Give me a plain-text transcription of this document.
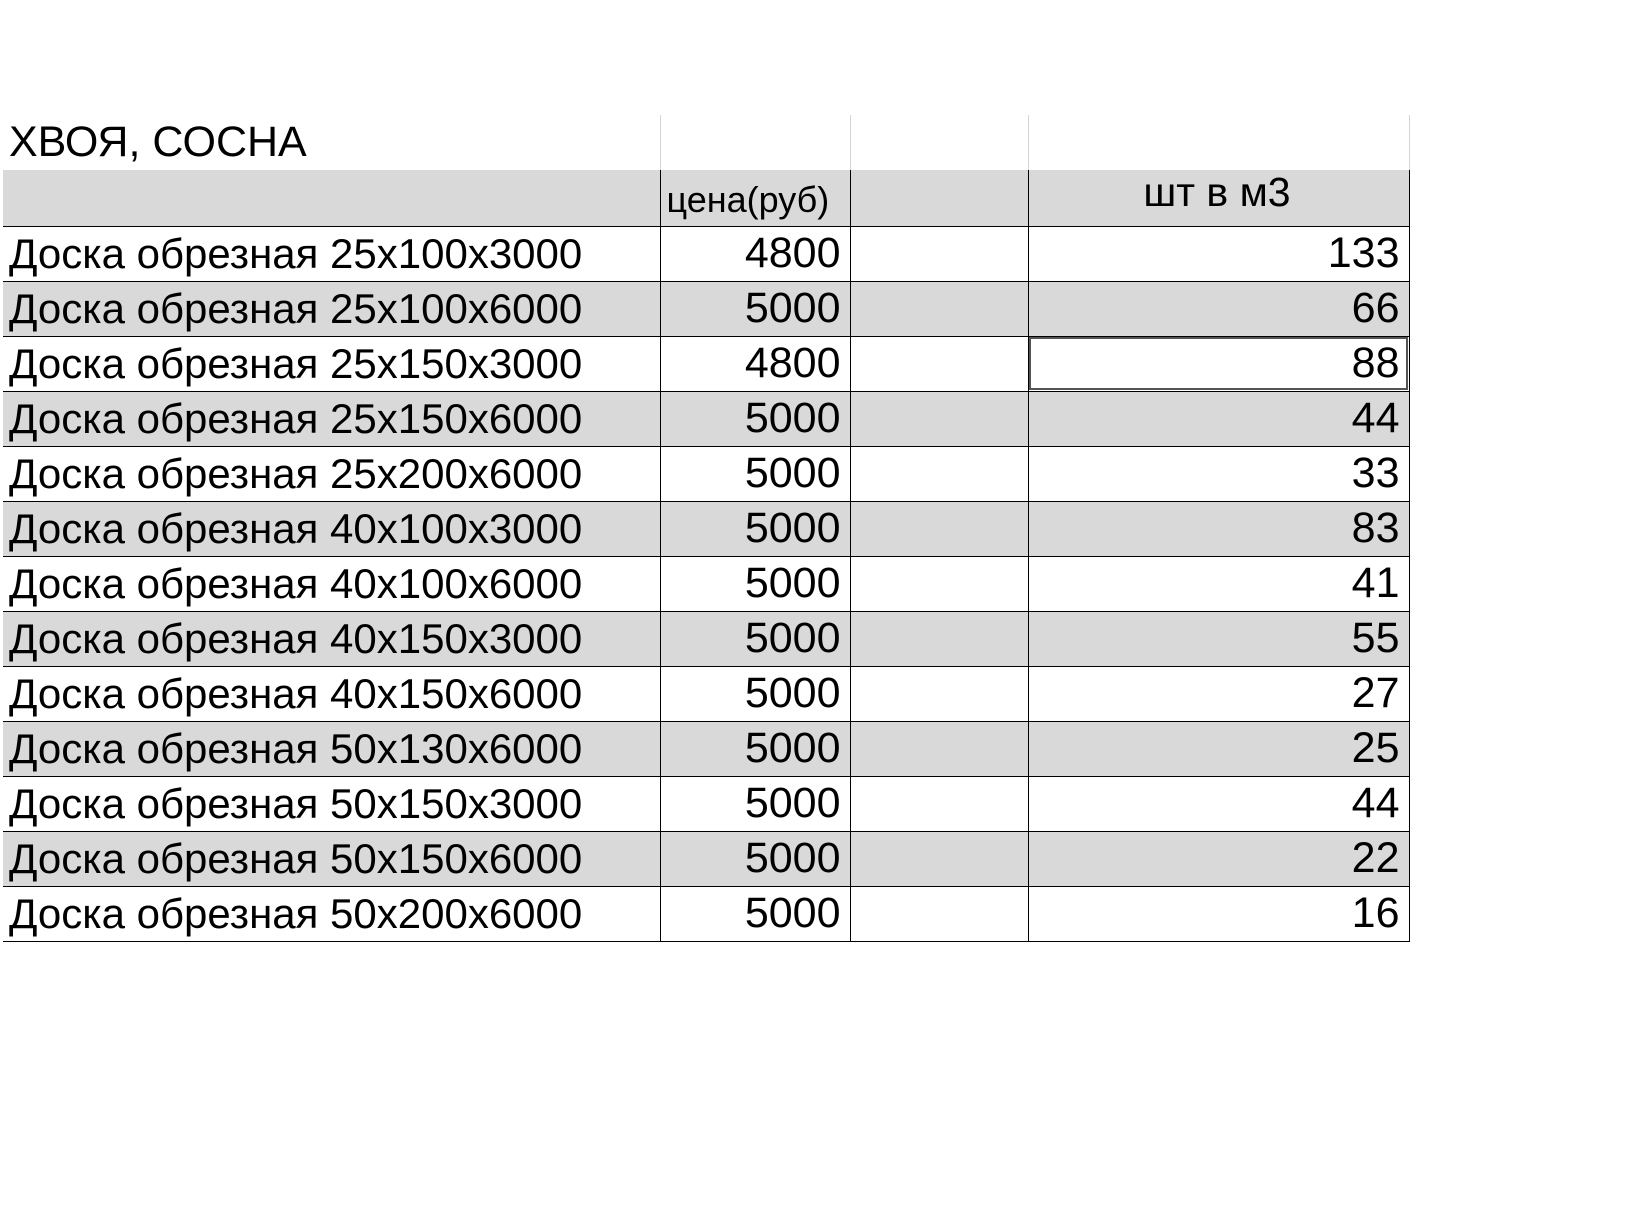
ХВОЯ, СОСНА			
	цена(руб)		шт в м3
Доска обрезная 25х100х3000	4800		133
Доска обрезная 25х100х6000	5000		66
Доска обрезная 25х150х3000	4800		88
Доска обрезная 25х150х6000	5000		44
Доска обрезная 25х200х6000	5000		33
Доска обрезная 40х100х3000	5000		83
Доска обрезная 40х100х6000	5000		41
Доска обрезная 40х150х3000	5000		55
Доска обрезная 40х150х6000	5000		27
Доска обрезная 50х130х6000	5000		25
Доска обрезная 50х150х3000	5000		44
Доска обрезная 50х150х6000	5000		22
Доска обрезная 50х200х6000	5000		16
